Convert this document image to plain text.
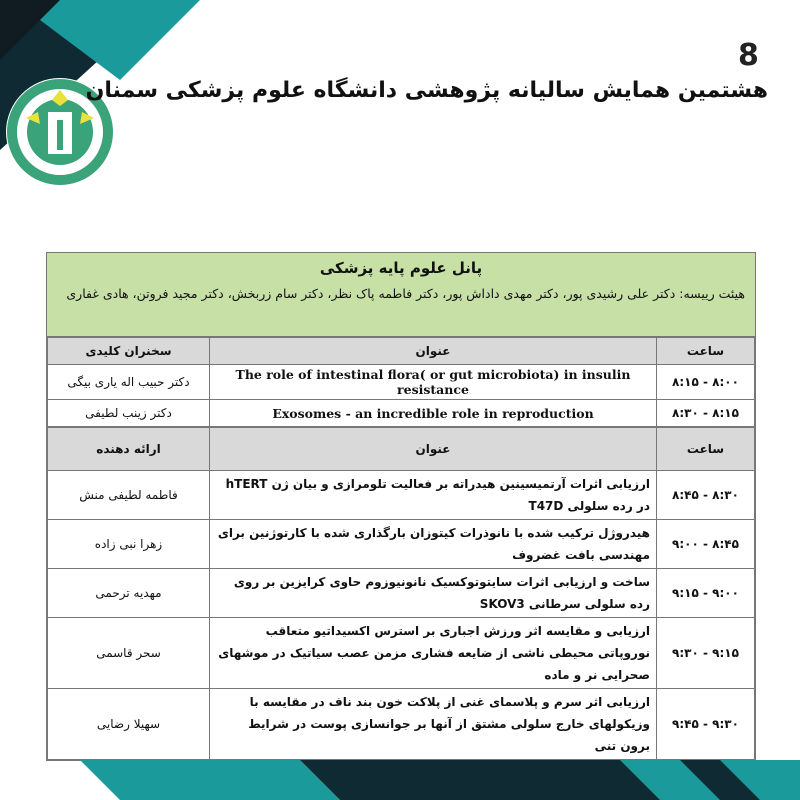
8
هشتمین همایش سالیانه پژوهشی دانشگاه علوم پزشکی سمنان
پانل علوم پایه پزشکی
هیئت رییسه: دکتر علی رشیدی پور، دکتر مهدی داداش پور، دکتر فاطمه پاک نظر، دکتر سام زربخش، دکتر مجید فروتن، هادی غفاری
ساعت	عنوان	سخنران کلیدی
۸:۱۵ - ۸:۰۰	The role of intestinal flora( or gut microbiota) in insulin resistance	دکتر حبیب اله یاری بیگی
۸:۳۰ - ۸:۱۵	Exosomes - an incredible role in reproduction	دکتر زینب لطیفی
ساعت	عنوان	ارائه دهنده
۸:۴۵ - ۸:۳۰	ارزیابی اثرات آرتمیسینین هیدراته بر فعالیت تلومرازی و بیان ژن hTERT در رده سلولی T47D	فاطمه لطیفی منش
۹:۰۰ - ۸:۴۵	هیدروژل ترکیب شده با نانوذرات کیتوزان بارگذاری شده با کارتوژنین برای مهندسی بافت غضروف	زهرا نبی زاده
۹:۱۵ - ۹:۰۰	ساخت و ارزیابی اثرات سایتوتوکسیک نانونیوزوم حاوی کرایزین بر روی رده سلولی سرطانی SKOV3	مهدیه ترحمی
۹:۳۰ - ۹:۱۵	ارزیابی و مقایسه اثر ورزش اجباری بر استرس اکسیداتیو متعاقب نوروپاتی محیطی ناشی از ضایعه فشاری مزمن عصب سیاتیک در موشهای صحرایی نر و ماده	سحر قاسمی
۹:۴۵ - ۹:۳۰	ارزیابی اثر سرم و پلاسمای غنی از پلاکت خون بند ناف در مقایسه با وزیکولهای خارج سلولی مشتق از آنها بر جوانسازی پوست در شرایط برون تنی	سهیلا رضایی
